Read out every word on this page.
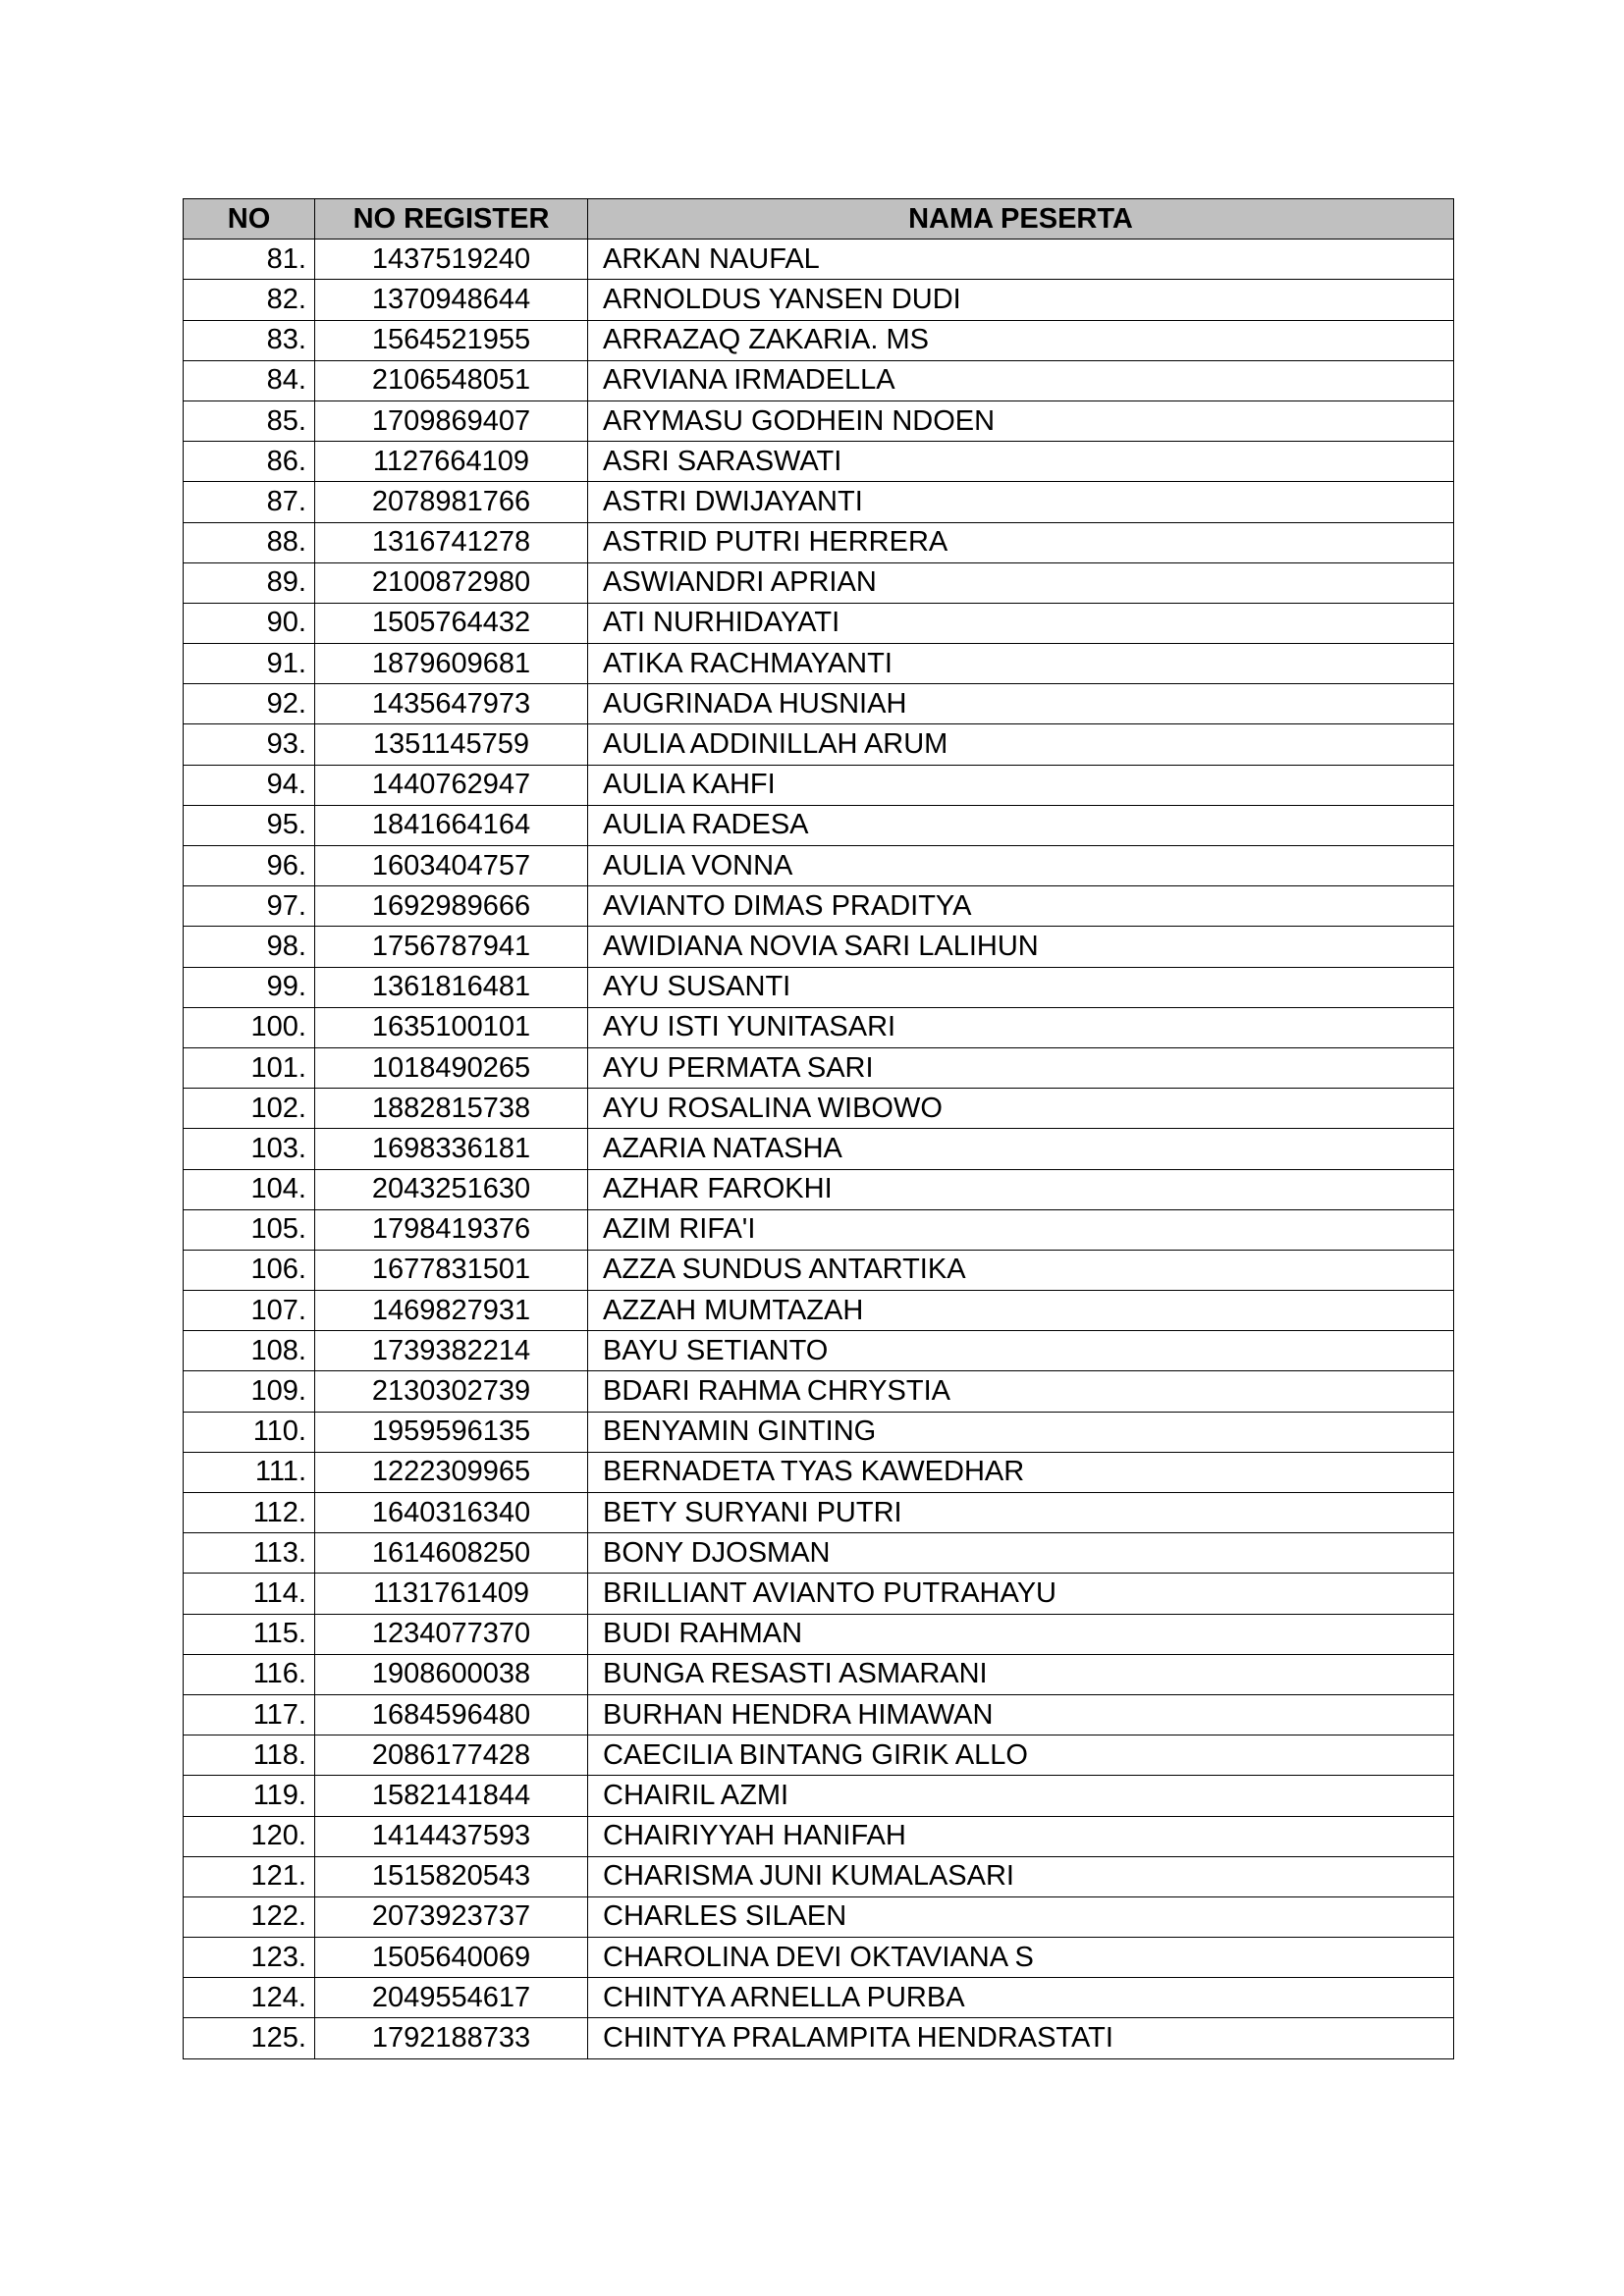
NO	NO REGISTER	NAMA PESERTA
81.	1437519240	ARKAN NAUFAL
82.	1370948644	ARNOLDUS YANSEN DUDI
83.	1564521955	ARRAZAQ ZAKARIA. MS
84.	2106548051	ARVIANA IRMADELLA
85.	1709869407	ARYMASU GODHEIN NDOEN
86.	1127664109	ASRI SARASWATI
87.	2078981766	ASTRI DWIJAYANTI
88.	1316741278	ASTRID PUTRI HERRERA
89.	2100872980	ASWIANDRI APRIAN
90.	1505764432	ATI NURHIDAYATI
91.	1879609681	ATIKA RACHMAYANTI
92.	1435647973	AUGRINADA HUSNIAH
93.	1351145759	AULIA ADDINILLAH ARUM
94.	1440762947	AULIA KAHFI
95.	1841664164	AULIA RADESA
96.	1603404757	AULIA VONNA
97.	1692989666	AVIANTO DIMAS PRADITYA
98.	1756787941	AWIDIANA NOVIA SARI LALIHUN
99.	1361816481	AYU SUSANTI
100.	1635100101	AYU ISTI YUNITASARI
101.	1018490265	AYU PERMATA SARI
102.	1882815738	AYU ROSALINA WIBOWO
103.	1698336181	AZARIA NATASHA
104.	2043251630	AZHAR FAROKHI
105.	1798419376	AZIM RIFA'I
106.	1677831501	AZZA SUNDUS ANTARTIKA
107.	1469827931	AZZAH MUMTAZAH
108.	1739382214	BAYU SETIANTO
109.	2130302739	BDARI RAHMA CHRYSTIA
110.	1959596135	BENYAMIN GINTING
111.	1222309965	BERNADETA TYAS KAWEDHAR
112.	1640316340	BETY SURYANI PUTRI
113.	1614608250	BONY DJOSMAN
114.	1131761409	BRILLIANT AVIANTO PUTRAHAYU
115.	1234077370	BUDI RAHMAN
116.	1908600038	BUNGA RESASTI ASMARANI
117.	1684596480	BURHAN HENDRA HIMAWAN
118.	2086177428	CAECILIA BINTANG GIRIK ALLO
119.	1582141844	CHAIRIL AZMI
120.	1414437593	CHAIRIYYAH HANIFAH
121.	1515820543	CHARISMA JUNI KUMALASARI
122.	2073923737	CHARLES SILAEN
123.	1505640069	CHAROLINA DEVI OKTAVIANA S
124.	2049554617	CHINTYA ARNELLA PURBA
125.	1792188733	CHINTYA PRALAMPITA HENDRASTATI
